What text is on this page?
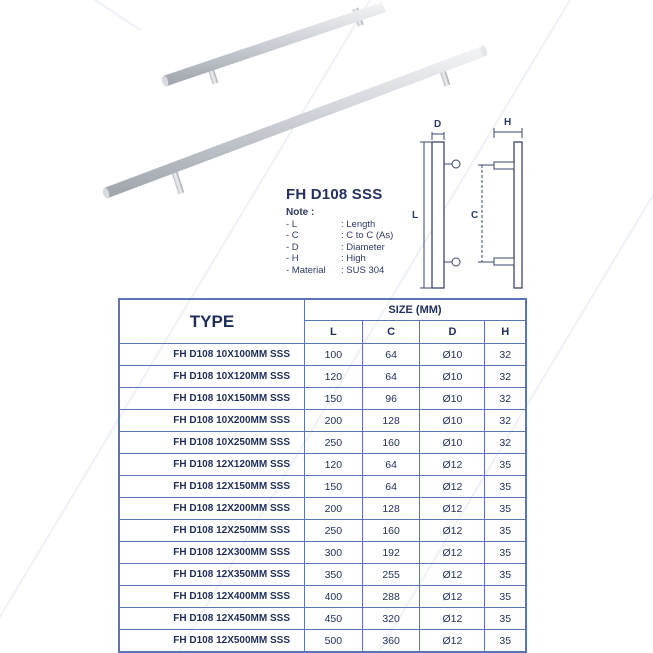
D	H
L	C
FH D108 SSS
Note :
- L	: Length
- C	: C to C (As)
- D	: Diameter
- H	: High
- Material	: SUS 304
TYPE	SIZE (MM)			
	L	C	D	H
FH D108 10X100MM SSS	100	64	Ø10	32
FH D108 10X120MM SSS	120	64	Ø10	32
FH D108 10X150MM SSS	150	96	Ø10	32
FH D108 10X200MM SSS	200	128	Ø10	32
FH D108 10X250MM SSS	250	160	Ø10	32
FH D108 12X120MM SSS	120	64	Ø12	35
FH D108 12X150MM SSS	150	64	Ø12	35
FH D108 12X200MM SSS	200	128	Ø12	35
FH D108 12X250MM SSS	250	160	Ø12	35
FH D108 12X300MM SSS	300	192	Ø12	35
FH D108 12X350MM SSS	350	255	Ø12	35
FH D108 12X400MM SSS	400	288	Ø12	35
FH D108 12X450MM SSS	450	320	Ø12	35
FH D108 12X500MM SSS	500	360	Ø12	35
